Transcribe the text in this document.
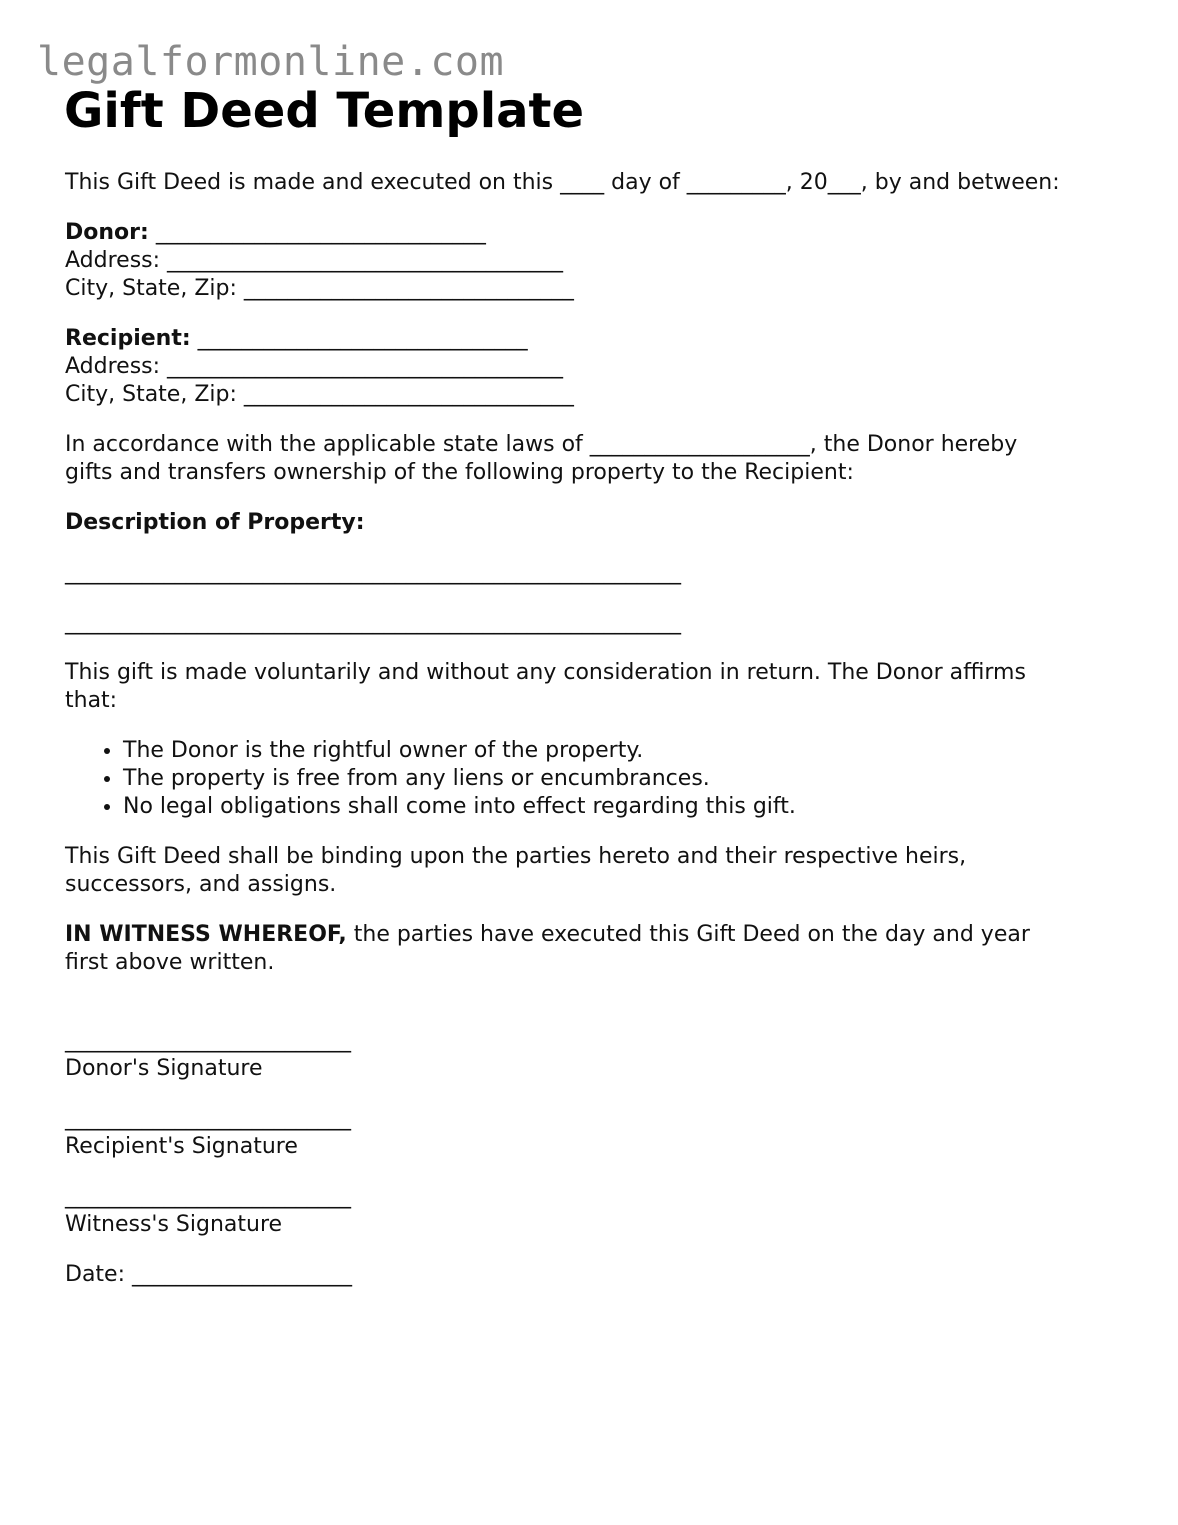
legalformonline.com
Gift Deed Template

This Gift Deed is made and executed on this ____ day of _________, 20___, by and between:

Donor: ______________________________
Address: ____________________________________
City, State, Zip: ______________________________

Recipient: ______________________________
Address: ____________________________________
City, State, Zip: ______________________________

In accordance with the applicable state laws of ____________________, the Donor hereby
gifts and transfers ownership of the following property to the Recipient:

Description of Property:

________________________________________________________

________________________________________________________

This gift is made voluntarily and without any consideration in return. The Donor affirms
that:

• The Donor is the rightful owner of the property.
• The property is free from any liens or encumbrances.
• No legal obligations shall come into effect regarding this gift.

This Gift Deed shall be binding upon the parties hereto and their respective heirs,
successors, and assigns.

IN WITNESS WHEREOF, the parties have executed this Gift Deed on the day and year
first above written.

__________________________
Donor's Signature
__________________________
Recipient's Signature
__________________________
Witness's Signature

Date: ____________________
